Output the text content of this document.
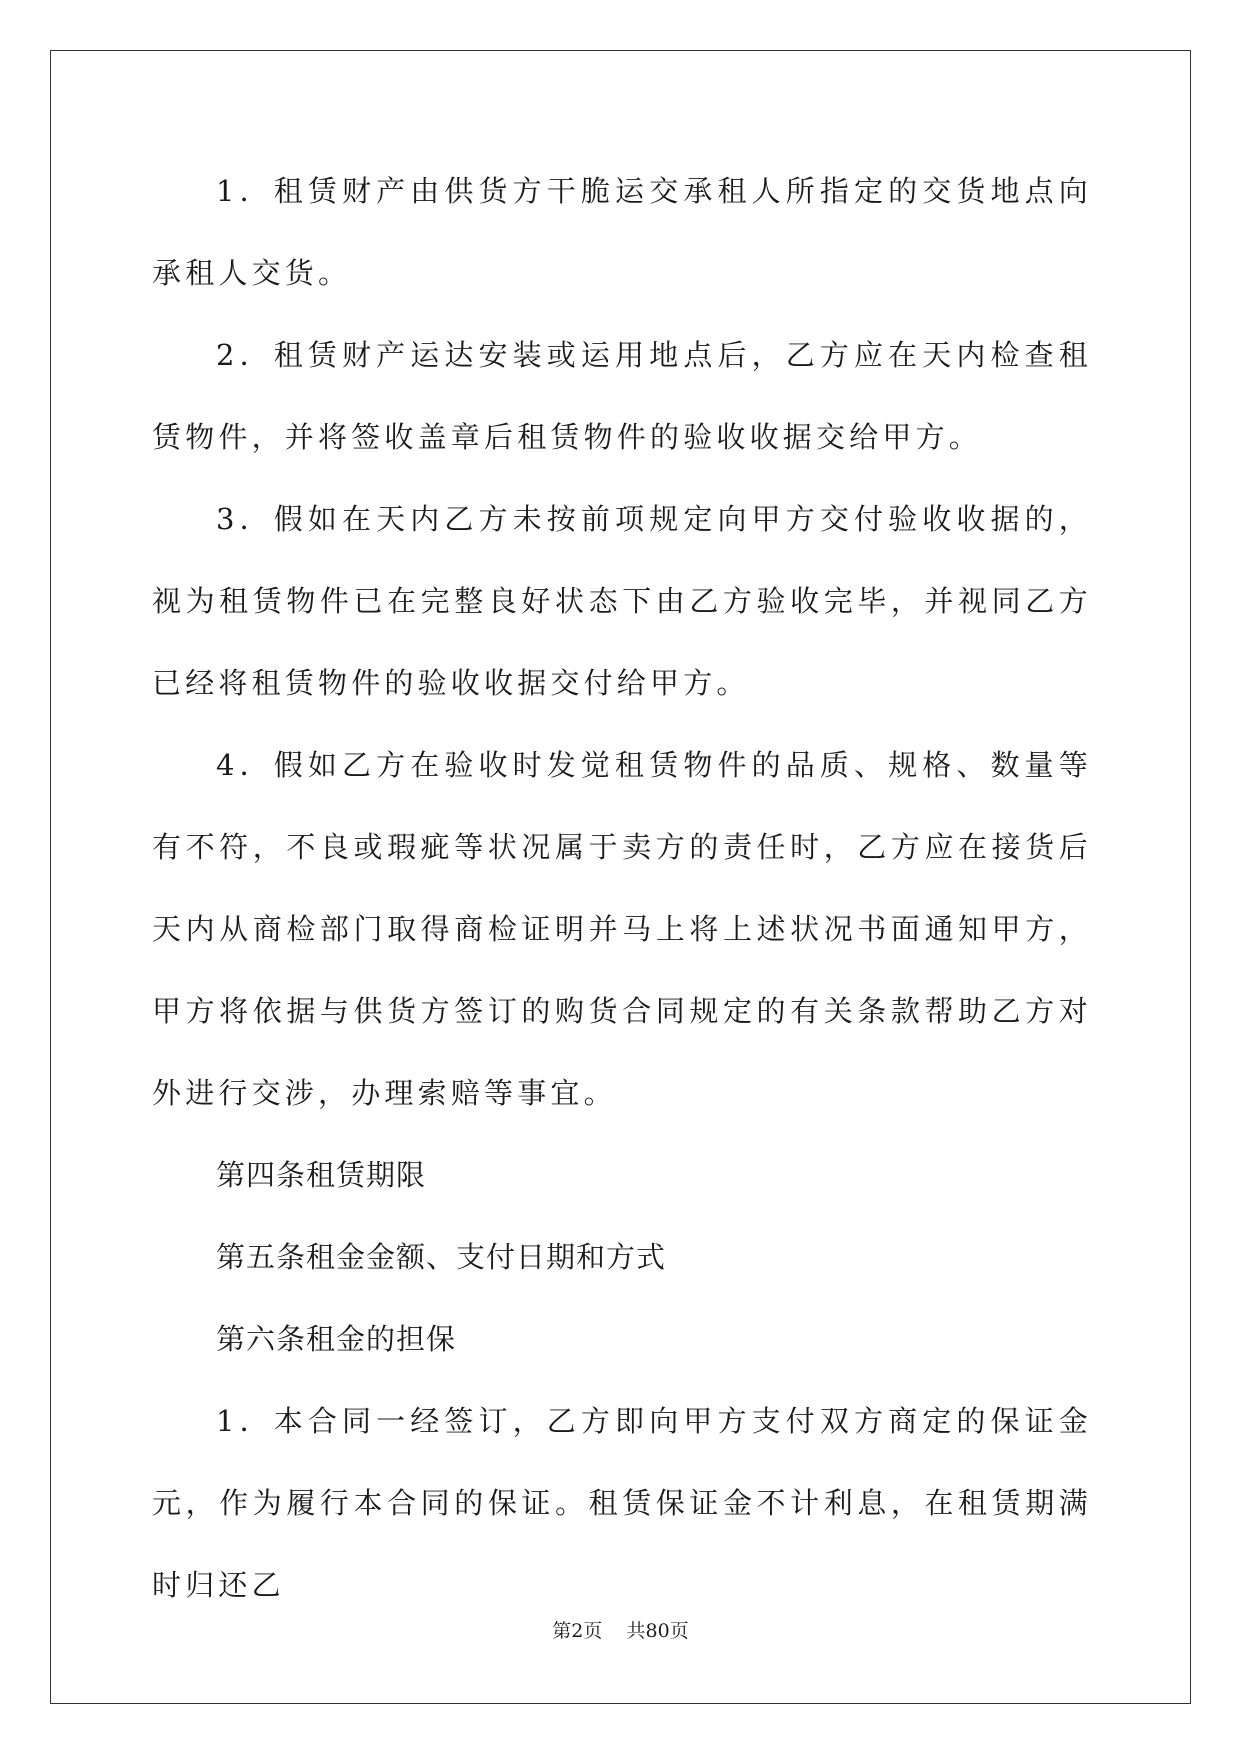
1．租赁财产由供货方干脆运交承租人所指定的交货地点向承租人交货。

2．租赁财产运达安装或运用地点后，乙方应在天内检查租赁物件，并将签收盖章后租赁物件的验收收据交给甲方。

3．假如在天内乙方未按前项规定向甲方交付验收收据的，视为租赁物件已在完整良好状态下由乙方验收完毕，并视同乙方已经将租赁物件的验收收据交付给甲方。

4．假如乙方在验收时发觉租赁物件的品质、规格、数量等有不符，不良或瑕疵等状况属于卖方的责任时，乙方应在接货后天内从商检部门取得商检证明并马上将上述状况书面通知甲方，甲方将依据与供货方签订的购货合同规定的有关条款帮助乙方对外进行交涉，办理索赔等事宜。

第四条租赁期限

第五条租金金额、支付日期和方式

第六条租金的担保

1．本合同一经签订，乙方即向甲方支付双方商定的保证金元，作为履行本合同的保证。租赁保证金不计利息，在租赁期满时归还乙

第2页 共80页
